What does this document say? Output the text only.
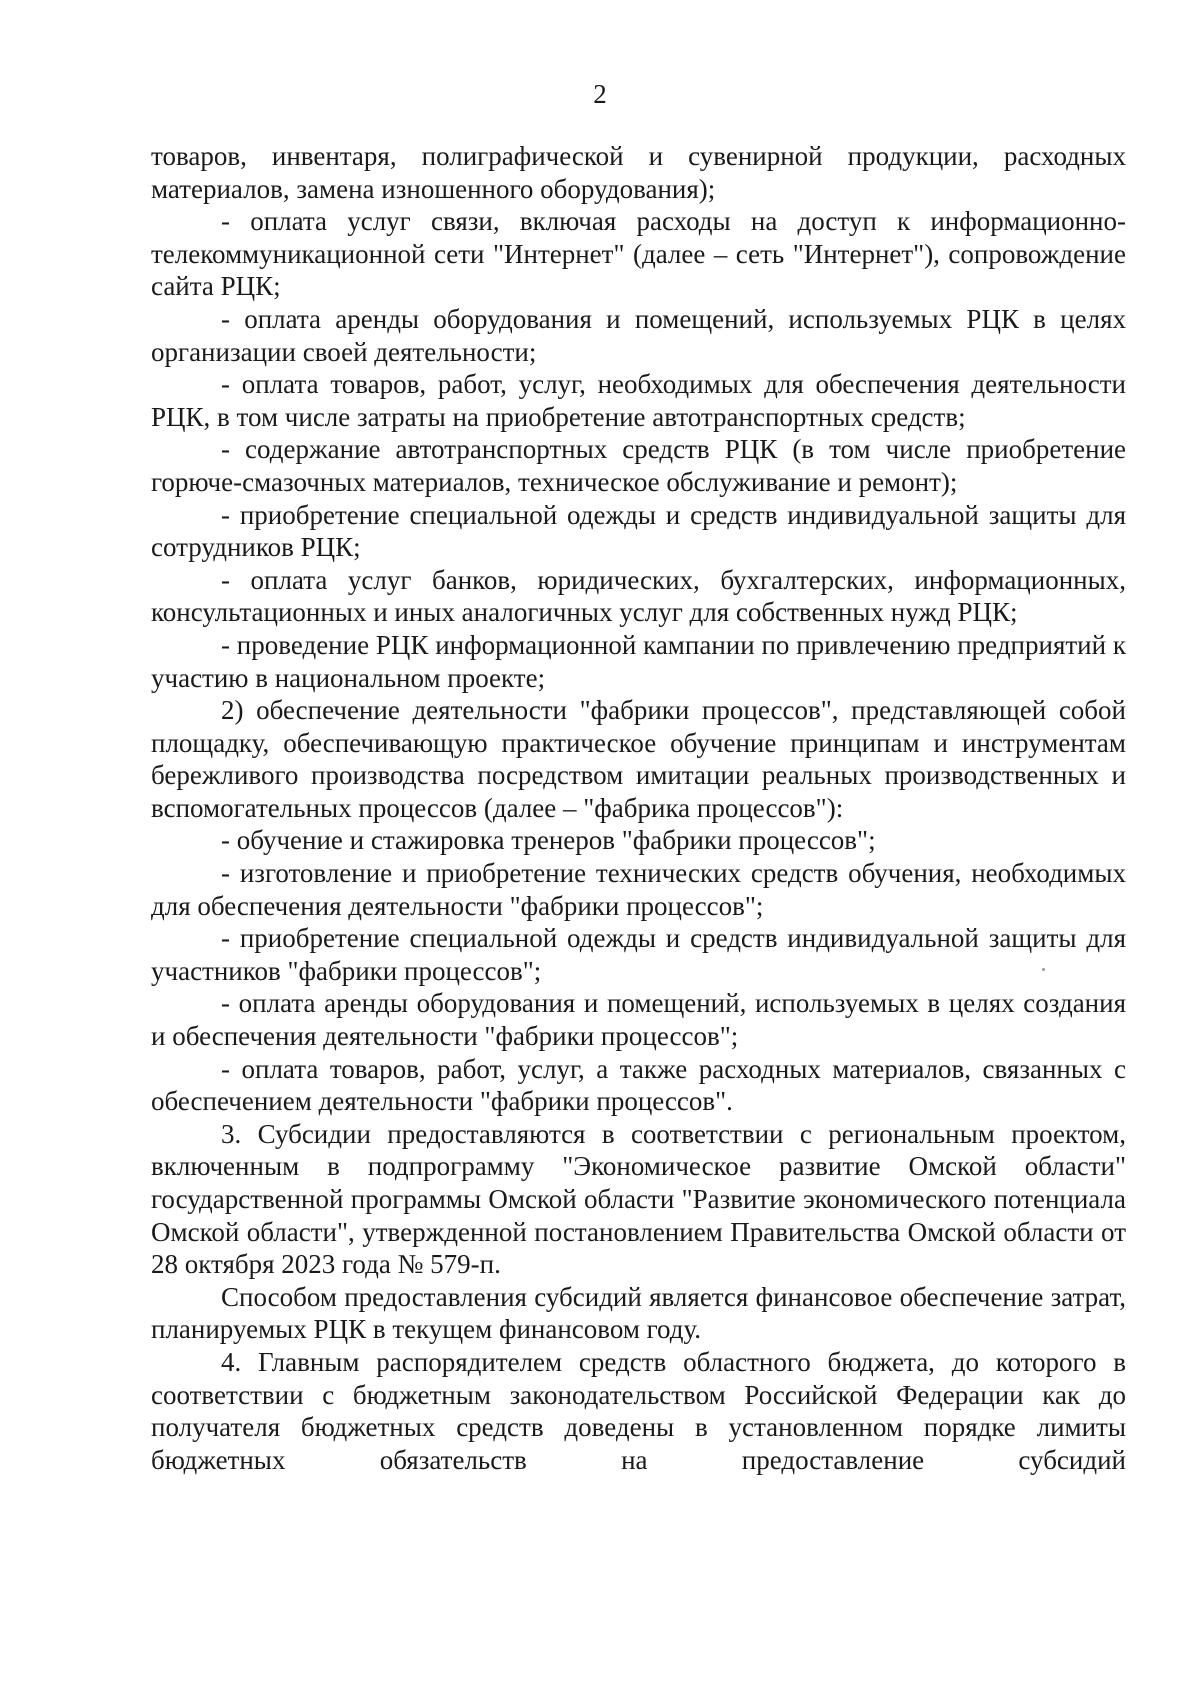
2

товаров, инвентаря, полиграфической и сувенирной продукции, расходных материалов, замена изношенного оборудования);

- оплата услуг связи, включая расходы на доступ к информационно-телекоммуникационной сети "Интернет" (далее – сеть "Интернет"), сопровождение сайта РЦК;

- оплата аренды оборудования и помещений, используемых РЦК в целях организации своей деятельности;

- оплата товаров, работ, услуг, необходимых для обеспечения деятельности РЦК, в том числе затраты на приобретение автотранспортных средств;

- содержание автотранспортных средств РЦК (в том числе приобретение горюче-смазочных материалов, техническое обслуживание и ремонт);

- приобретение специальной одежды и средств индивидуальной защиты для сотрудников РЦК;

- оплата услуг банков, юридических, бухгалтерских, информационных, консультационных и иных аналогичных услуг для собственных нужд РЦК;

- проведение РЦК информационной кампании по привлечению предприятий к участию в национальном проекте;

2) обеспечение деятельности "фабрики процессов", представляющей собой площадку, обеспечивающую практическое обучение принципам и инструментам бережливого производства посредством имитации реальных производственных и вспомогательных процессов (далее – "фабрика процессов"):

- обучение и стажировка тренеров "фабрики процессов";

- изготовление и приобретение технических средств обучения, необходимых для обеспечения деятельности "фабрики процессов";

- приобретение специальной одежды и средств индивидуальной защиты для участников "фабрики процессов";

- оплата аренды оборудования и помещений, используемых в целях создания и обеспечения деятельности "фабрики процессов";

- оплата товаров, работ, услуг, а также расходных материалов, связанных с обеспечением деятельности "фабрики процессов".

3. Субсидии предоставляются в соответствии с региональным проектом, включенным в подпрограмму "Экономическое развитие Омской области" государственной программы Омской области "Развитие экономического потенциала Омской области", утвержденной постановлением Правительства Омской области от 28 октября 2023 года № 579-п.

Способом предоставления субсидий является финансовое обеспечение затрат, планируемых РЦК в текущем финансовом году.

4. Главным распорядителем средств областного бюджета, до которого в соответствии с бюджетным законодательством Российской Федерации как до получателя бюджетных средств доведены в установленном порядке лимиты бюджетных обязательств на предоставление субсидий
